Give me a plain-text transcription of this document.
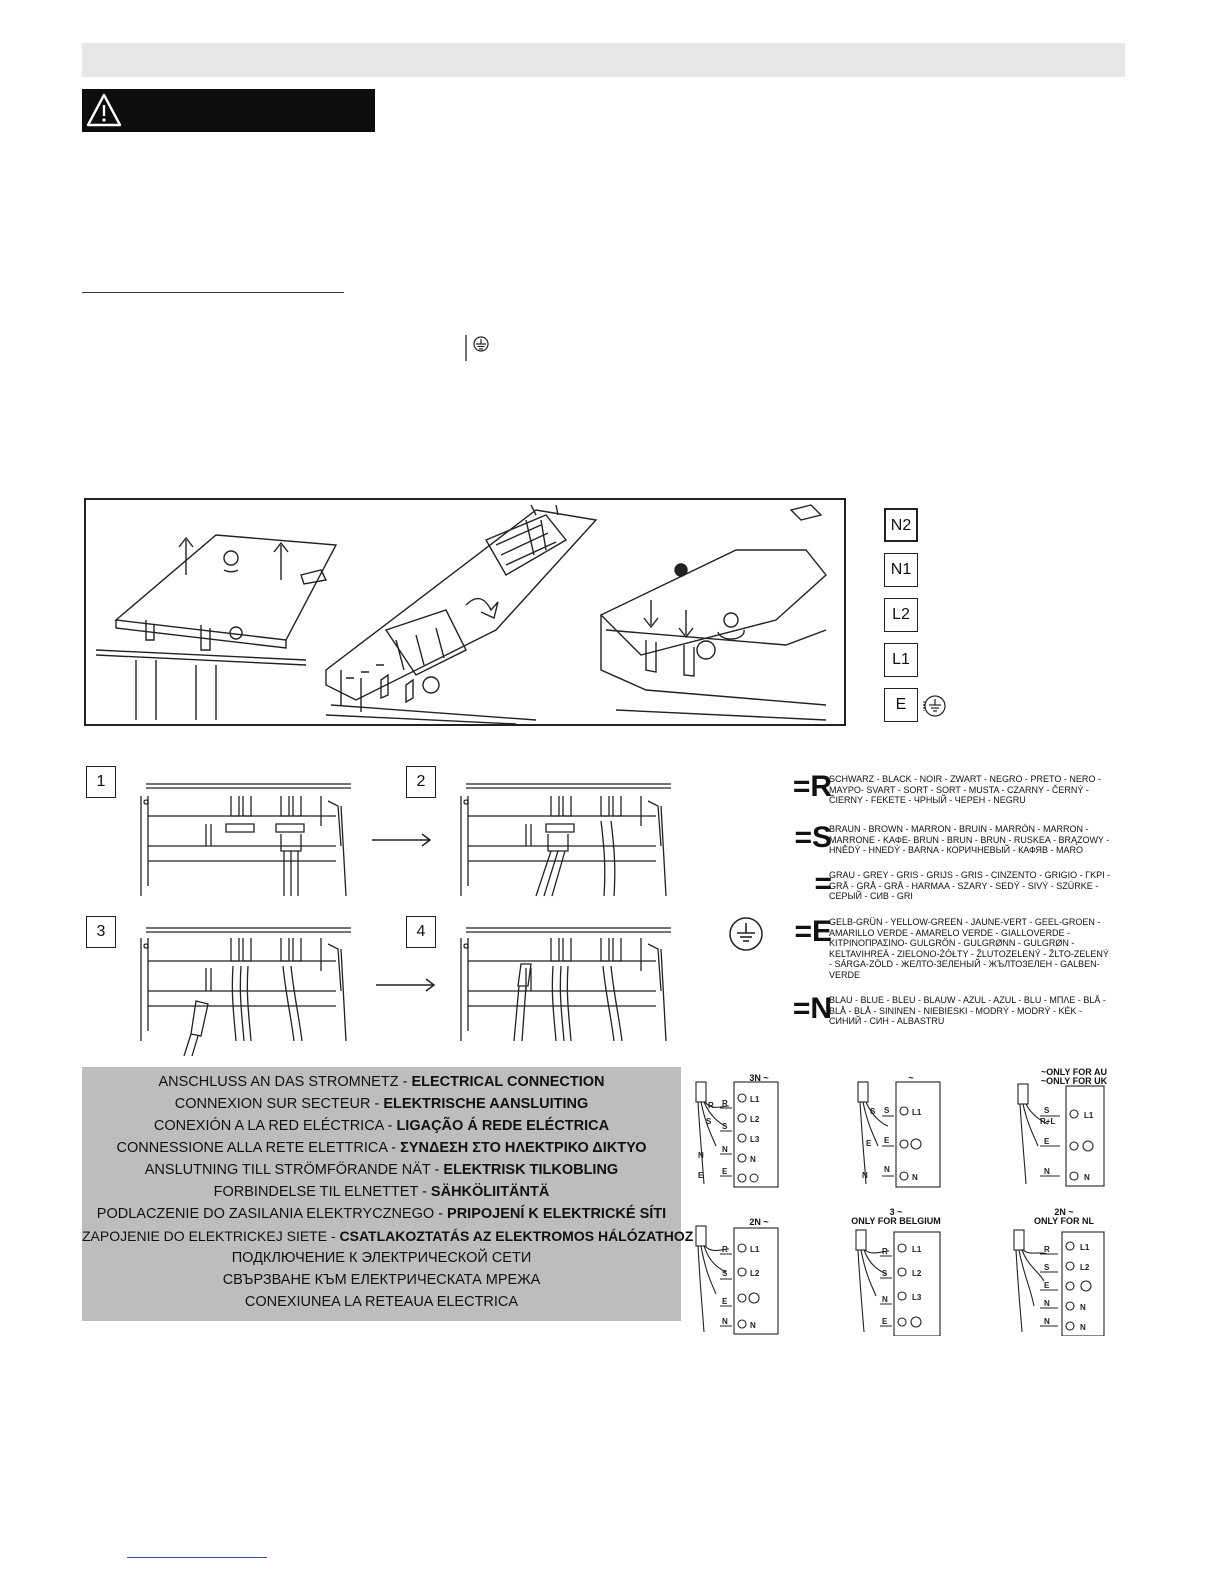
N2
N1
L2
L1
E
1	2
3	4
=R
SCHWARZ - BLACK - NOIR - ZWART - NEGRO - PRETO - NERO - ΜΑΥΡΟ- SVART - SORT - SORT - MUSTA - CZARNY - ČERNÝ - ČIERNY - FEKETE - ЧРНЫЙ - ЧЕРЕН - NEGRU
=S
BRAUN - BROWN - MARRON - BRUIN - MARRÓN - MARRON - MARRONE - ΚΑΦΕ- BRUN - BRUN - BRUN - RUSKEA - BRĄZOWY - HNĚDÝ - HNEDÝ - BARNA - КОРИЧНЕВЫЙ - КАФЯВ - MARO
=
GRAU - GREY - GRIS - GRIJS - GRIS - CINZENTO - GRIGIO - ΓΚΡΙ - GRÅ - GRÅ - GRÅ - HARMAA - SZARY - SEDÝ - SIVÝ - SZÜRKE - СЕРЫЙ - СИВ - GRI
=E
GELB-GRÜN - YELLOW-GREEN - JAUNE-VERT - GEEL-GROEN - AMARILLO VERDE - AMARELO VERDE - GIALLOVERDE - ΚΙΤΡΙΝΟΠΡΑΣΙΝΟ- GULGRÖN - GULGRØNN - GULGRØN - KELTAVIHREÄ - ZIELONO-ŻÓŁTY - ŽLUTOZELENÝ - ŽLTO-ZELENÝ - SÁRGA-ZÖLD - ЖЕЛТО-ЗЕЛЕНЫЙ - ЖЪЛТОЗЕЛЕН - GALBEN-VERDE
=N
BLAU - BLUE - BLEU - BLAUW - AZUL - AZUL - BLU - ΜΠΛΕ - BLÅ - BLÅ - BLÅ - SININEN - NIEBIESKI - MODRÝ - MODRÝ - KÉK - СИНИЙ - СИН - ALBASTRU
ANSCHLUSS AN DAS STROMNETZ - ELECTRICAL CONNECTION
CONNEXION SUR SECTEUR - ELEKTRISCHE AANSLUITING
CONEXIÓN A LA RED ELÉCTRICA - LIGAÇÃO Á REDE ELÉCTRICA
CONNESSIONE ALLA RETE ELETTRICA - ΣΥΝΔΕΣΗ ΣΤΟ ΗΛΕΚΤΡΙΚΟ ΔΙΚΤΥΟ
ANSLUTNING TILL STRÖMFÖRANDE NÄT - ELEKTRISK TILKOBLING
FORBINDELSE TIL ELNETTET - SÄHKÖLIITÄNTÄ
PODLACZENIE DO ZASILANIA ELEKTRYCZNEGO - PRIPOJENÍ K ELEKTRICKÉ SÍTI
ZAPOJENIE DO ELEKTRICKEJ SIETE - CSATLAKOZTATÁS AZ ELEKTROMOS HÁLÓZATHOZ
ПОДКЛЮЧЕНИЕ К ЭЛЕКТРИЧЕСКОЙ СЕТИ
СВЪРЗВАНЕ КЪМ ЕЛЕКТРИЧЕСКАТА МРЕЖА
CONEXIUNEA LA RETEAUA ELECTRICA
3N ~
L1
L2
L3
N
R
S
N
E
R
S
N
E
~
L1
N
S
E
N
S
E
N
~ONLY FOR AU
~ONLY FOR UK
L1
N
S
R+L
E
N
2N ~
L1
L2
N
R
S
E
N
3 ~
ONLY FOR BELGIUM
L1
L2
L3
R
S
N
E
2N ~
ONLY FOR NL
L1
L2
N
N
R
S
E
N
N
